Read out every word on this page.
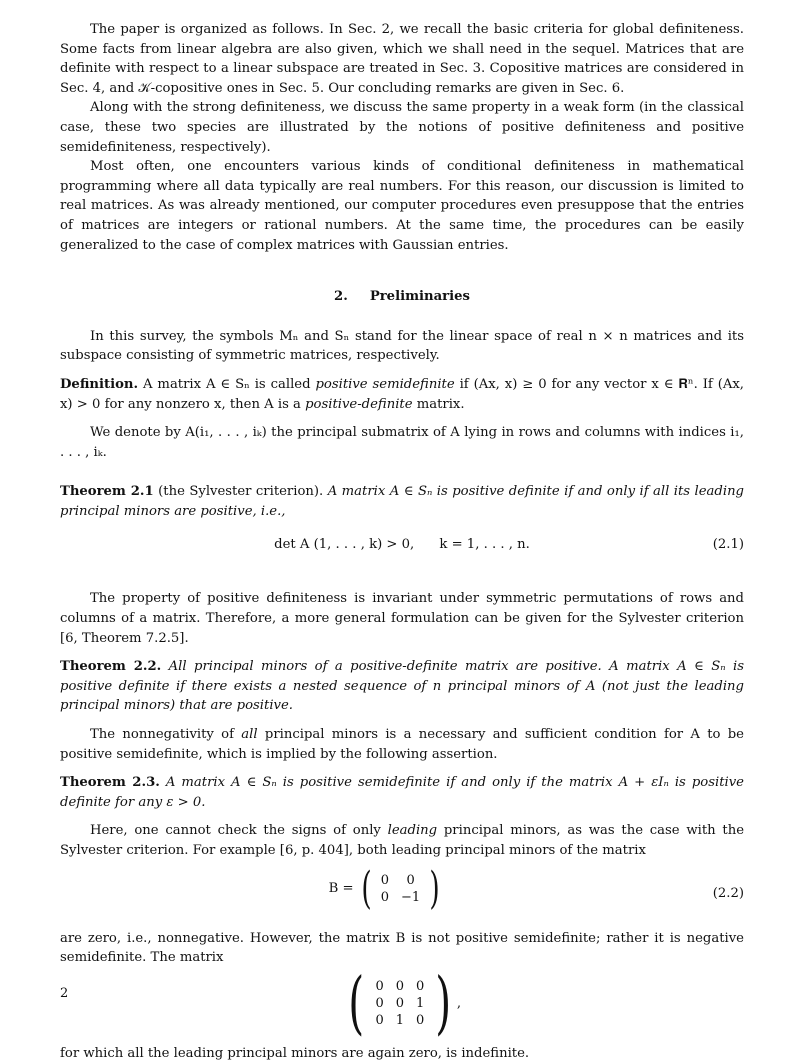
The paper is organized as follows. In Sec. 2, we recall the basic criteria for global definiteness. Some facts from linear algebra are also given, which we shall need in the sequel. Matrices that are definite with respect to a linear subspace are treated in Sec. 3. Copositive matrices are considered in Sec. 4, and 𝒦-copositive ones in Sec. 5. Our concluding remarks are given in Sec. 6.

Along with the strong definiteness, we discuss the same property in a weak form (in the classical case, these two species are illustrated by the notions of positive definiteness and positive semidefiniteness, respectively).

Most often, one encounters various kinds of conditional definiteness in mathematical programming where all data typically are real numbers. For this reason, our discussion is limited to real matrices. As was already mentioned, our computer procedures even presuppose that the entries of matrices are integers or rational numbers. At the same time, the procedures can be easily generalized to the case of complex matrices with Gaussian entries.

2. Preliminaries

In this survey, the symbols Mₙ and Sₙ stand for the linear space of real n × n matrices and its subspace consisting of symmetric matrices, respectively.

Definition. A matrix A ∈ Sₙ is called positive semidefinite if (Ax, x) ≥ 0 for any vector x ∈ 𝐑ⁿ. If (Ax, x) > 0 for any nonzero x, then A is a positive-definite matrix.

We denote by A(i₁, . . . , iₖ) the principal submatrix of A lying in rows and columns with indices i₁, . . . , iₖ.

Theorem 2.1 (the Sylvester criterion). A matrix A ∈ Sₙ is positive definite if and only if all its leading principal minors are positive, i.e.,

det A (1, . . . , k) > 0,      k = 1, . . . , n.	(2.1)

The property of positive definiteness is invariant under symmetric permutations of rows and columns of a matrix. Therefore, a more general formulation can be given for the Sylvester criterion [6, Theorem 7.2.5].

Theorem 2.2. All principal minors of a positive-definite matrix are positive. A matrix A ∈ Sₙ is positive definite if there exists a nested sequence of n principal minors of A (not just the leading principal minors) that are positive.

The nonnegativity of all principal minors is a necessary and sufficient condition for A to be positive semidefinite, which is implied by the following assertion.

Theorem 2.3. A matrix A ∈ Sₙ is positive semidefinite if and only if the matrix A + εIₙ is positive definite for any ε > 0.

Here, one cannot check the signs of only leading principal minors, as was the case with the Sylvester criterion. For example [6, p. 404], both leading principal minors of the matrix

B = ( 0	0
0	−1 )	(2.2)

are zero, i.e., nonnegative. However, the matrix B is not positive semidefinite; rather it is negative semidefinite. The matrix

( 0	0	0
0	0	1
0	1	0 ) ,

for which all the leading principal minors are again zero, is indefinite.

2
